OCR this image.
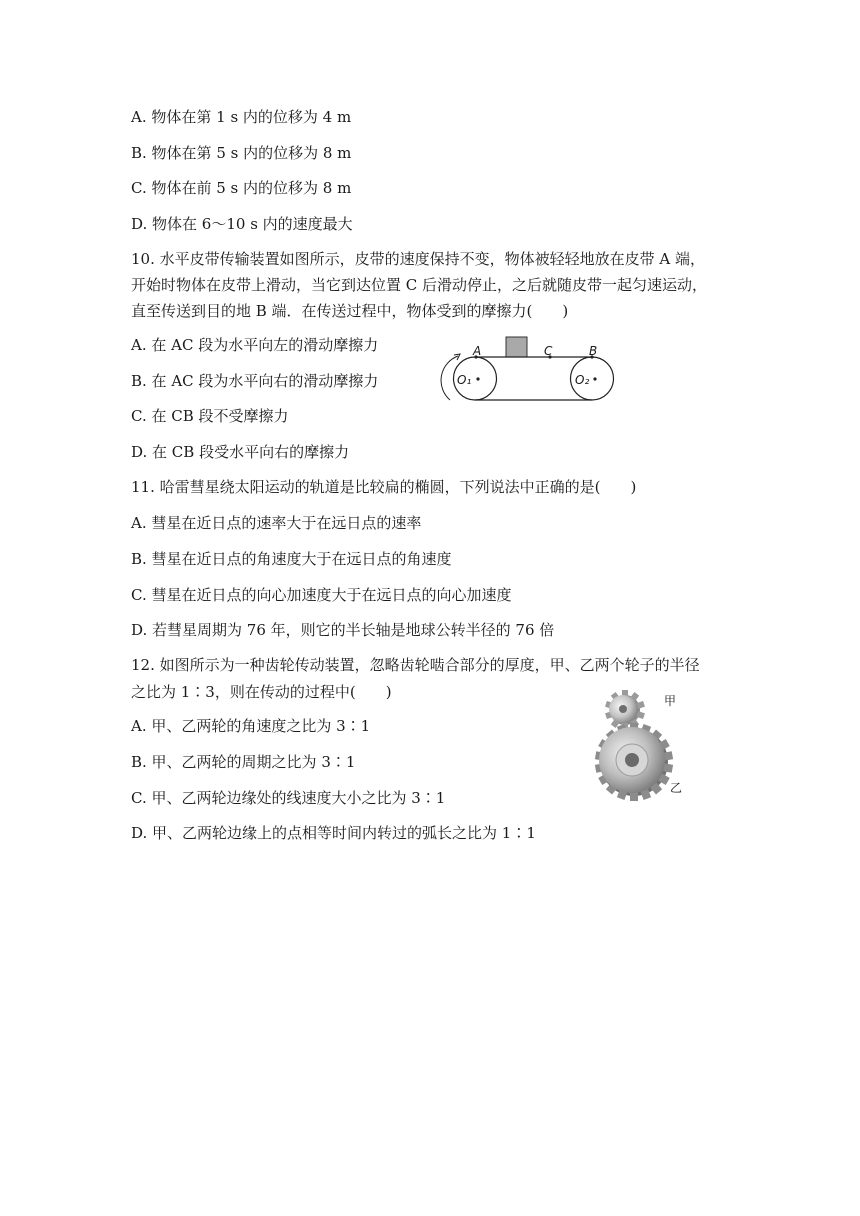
A. 物体在第 1 s 内的位移为 4 m
B. 物体在第 5 s 内的位移为 8 m
C. 物体在前 5 s 内的位移为 8 m
D. 物体在 6～10 s 内的速度最大
10. 水平皮带传输装置如图所示，皮带的速度保持不变，物体被轻轻地放在皮带 A 端，
开始时物体在皮带上滑动，当它到达位置 C 后滑动停止，之后就随皮带一起匀速运动，
直至传送到目的地 B 端．在传送过程中，物体受到的摩擦力(　　)
A. 在 AC 段为水平向左的滑动摩擦力
B. 在 AC 段为水平向右的滑动摩擦力
C. 在 CB 段不受摩擦力
D. 在 CB 段受水平向右的摩擦力
A	C	B
O₁	O₂
11. 哈雷彗星绕太阳运动的轨道是比较扁的椭圆，下列说法中正确的是(　　)
A. 彗星在近日点的速率大于在远日点的速率
B. 彗星在近日点的角速度大于在远日点的角速度
C. 彗星在近日点的向心加速度大于在远日点的向心加速度
D. 若彗星周期为 76 年，则它的半长轴是地球公转半径的 76 倍
12. 如图所示为一种齿轮传动装置，忽略齿轮啮合部分的厚度，甲、乙两个轮子的半径
之比为 1∶3，则在传动的过程中(　　)
A. 甲、乙两轮的角速度之比为 3∶1
B. 甲、乙两轮的周期之比为 3∶1
C. 甲、乙两轮边缘处的线速度大小之比为 3∶1
D. 甲、乙两轮边缘上的点相等时间内转过的弧长之比为 1∶1
甲
乙
